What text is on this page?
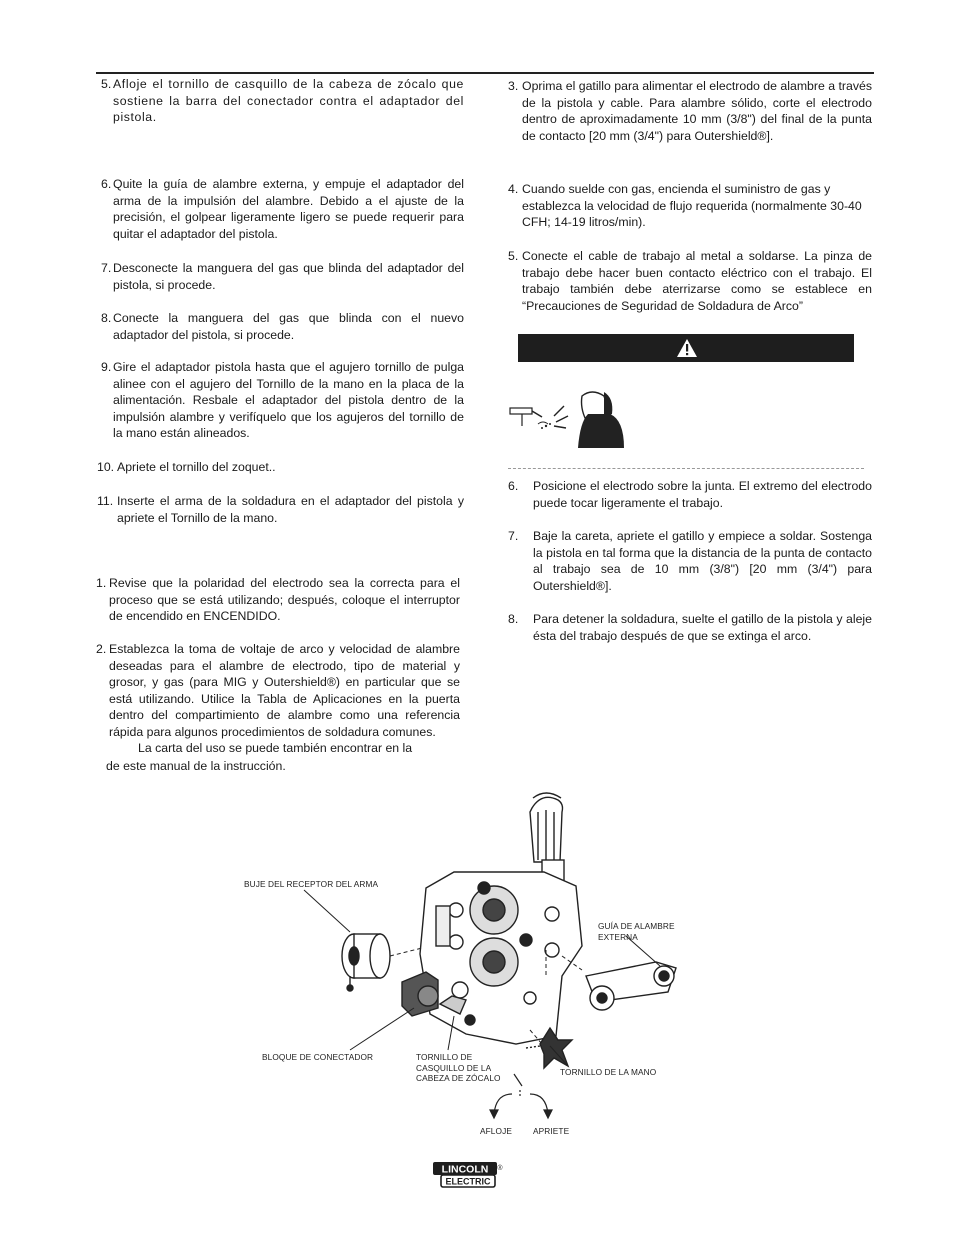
5. Afloje el tornillo de casquillo de la cabeza de zócalo que sostiene la barra del conectador contra el adaptador del pistola.
6. Quite la guía de alambre externa, y empuje el adaptador del arma de la impulsión del alambre. Debido a el ajuste de la precisión, el golpear ligeramente ligero se puede requerir para quitar el adaptador del pistola.
7. Desconecte la manguera del gas que blinda del adaptador del pistola, si procede.
8. Conecte la manguera del gas que blinda con el nuevo adaptador del pistola, si procede.
9. Gire el adaptador pistola hasta que el agujero tornillo de pulga alinee con el agujero del Tornillo de la mano en la placa de la alimentación. Resbale el adaptador del pistola dentro de la impulsión alambre y verifíquelo que los agujeros del tornillo de la mano están alineados.
10. Apriete el tornillo del zoquet..
11. Inserte el arma de la soldadura en el adaptador del pistola y apriete el Tornillo de la mano.
1. Revise que la polaridad del electrodo sea la correcta para el proceso que se está utilizando; después, coloque el interruptor de encendido en ENCENDIDO.
2. Establezca la toma de voltaje de arco y velocidad de alambre deseadas para el alambre de electrodo, tipo de material y grosor, y gas (para MIG y Outershield®) en particular que se está utilizando. Utilice la Tabla de Aplicaciones en la puerta dentro del compartimiento de alambre como una referencia rápida para algunos procedimientos de soldadura comunes.
La carta del uso se puede también encontrar en la
de este manual de la instrucción.
3. Oprima el gatillo para alimentar el electrodo de alambre a través de la pistola y cable. Para alambre sólido, corte el electrodo dentro de aproximadamente 10 mm (3/8") del final de la punta de contacto [20 mm (3/4") para Outershield®].
4. Cuando suelde con gas, encienda el suministro de gas y establezca la velocidad de flujo requerida (normalmente 30-40 CFH; 14-19 litros/min).
5. Conecte el cable de trabajo al metal a soldarse. La pinza de trabajo debe hacer buen contacto eléctrico con el trabajo. El trabajo también debe aterrizarse como se establece en “Precauciones de Seguridad de Soldadura de Arco”
6.	Posicione el electrodo sobre la junta. El extremo del electrodo puede tocar ligeramente el trabajo.
7.	Baje la careta, apriete el gatillo y empiece a soldar. Sostenga la pistola en tal forma que la distancia de la punta de contacto al trabajo sea de 10 mm (3/8") [20 mm (3/4") para Outershield®].
8.	Para detener la soldadura, suelte el gatillo de la pistola y aleje ésta del trabajo después de que se extinga el arco.
BUJE DEL RECEPTOR DEL ARMA
GUÍA DE ALAMBRE EXTERNA
BLOQUE DE CONECTADOR	TORNILLO DE CASQUILLO DE LA CABEZA DE ZÓCALO
TORNILLO DE LA MANO
AFLOJE	APRIETE
LINCOLN
ELECTRIC
®
